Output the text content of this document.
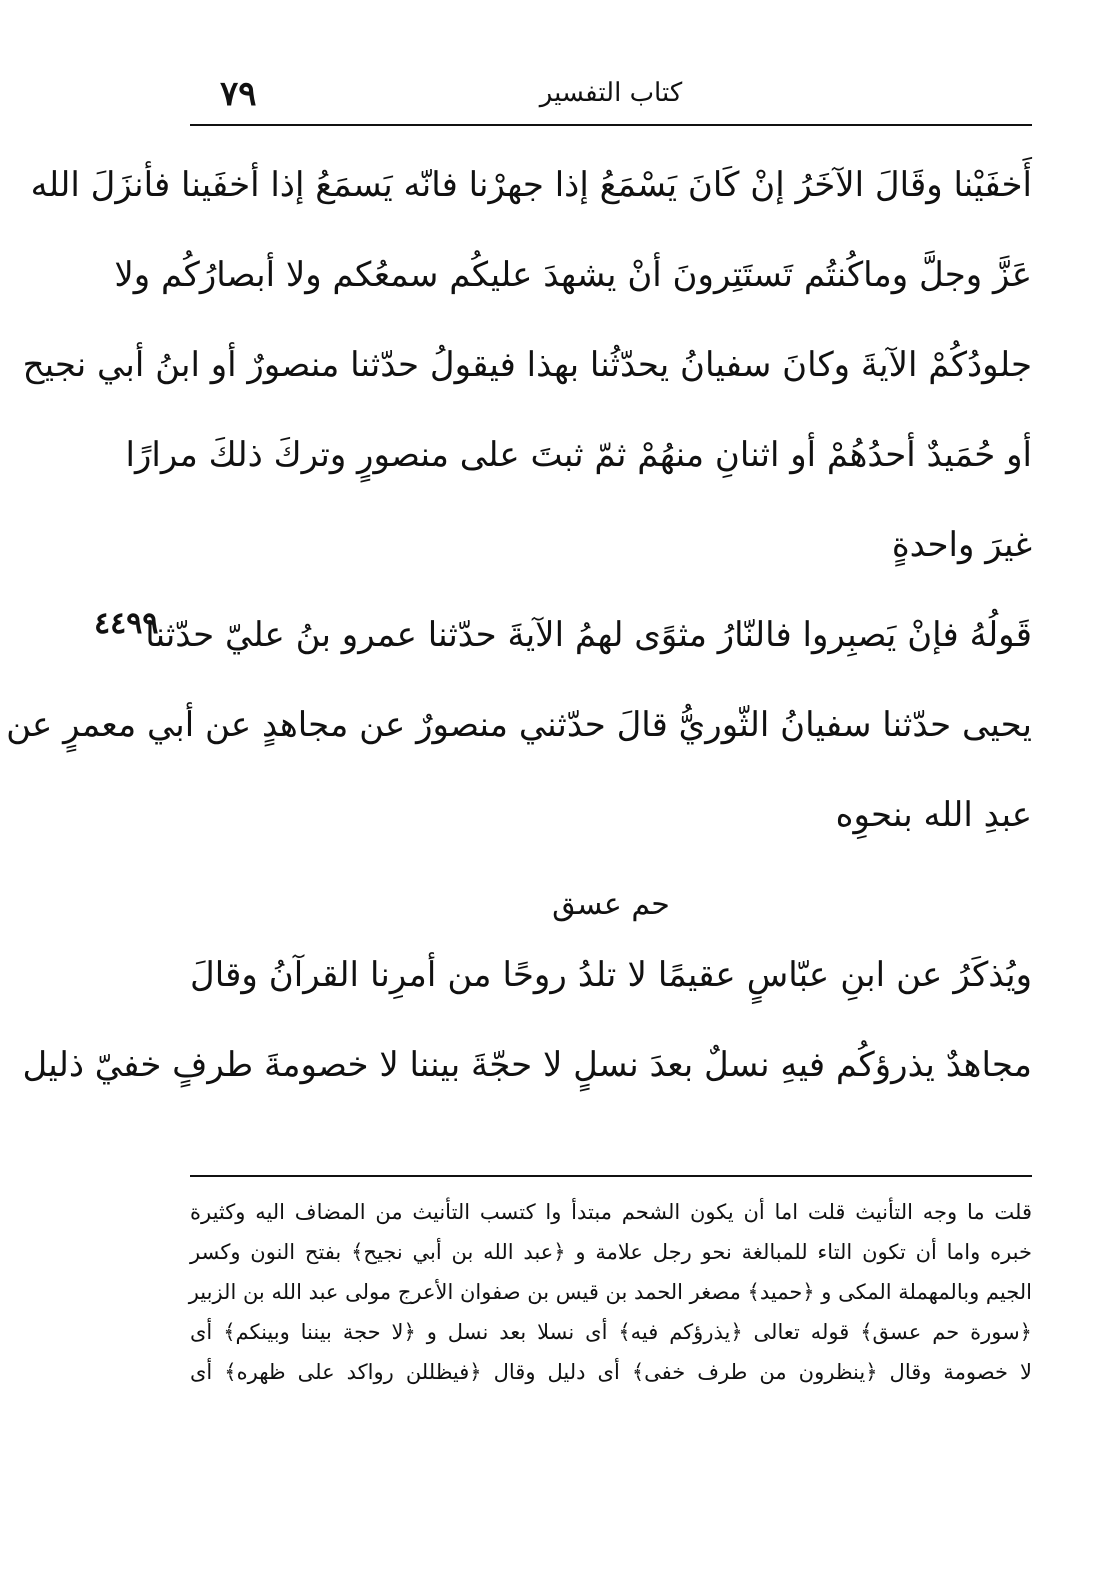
٧٩	كتاب التفسير
أَخفَيْنا وقَالَ الآخَرُ إنْ كَانَ يَسْمَعُ إذا جهرْنا فانّه يَسمَعُ إذا أخفَينا فأنزَلَ الله
عَزَّ وجلَّ وماكُنتُم تَستَتِرونَ أنْ يشهدَ عليكُم سمعُكم ولا أبصارُكُم ولا
جلودُكُمْ الآيةَ وكانَ سفيانُ يحدّثُنا بهذا فيقولُ حدّثنا منصورٌ أو ابنُ أبي نجيح
أو حُمَيدٌ أحدُهُمْ أو اثنانِ منهُمْ ثمّ ثبتَ على منصورٍ وتركَ ذلكَ مرارًا
غيرَ واحدةٍ
قَولُهُ فإنْ يَصبِروا فالنّارُ مثوًى لهمُ الآيةَ حدّثنا عمرو بنُ عليّ حدّثنا
يحيى حدّثنا سفيانُ الثّوريُّ قالَ حدّثني منصورٌ عن مجاهدٍ عن أبي معمرٍ عن
عبدِ الله بنحوِه
حم عسق
ويُذكَرُ عن ابنِ عبّاسٍ عقيمًا لا تلدُ روحًا من أمرِنا القرآنُ وقالَ
مجاهدٌ يذرؤكُم فيهِ نسلٌ بعدَ نسلٍ لا حجّةَ بيننا لا خصومةَ طرفٍ خفيّ ذليل
٤٤٩٩
قلت ما وجه التأنيث قلت اما أن يكون الشحم مبتدأ وا كتسب التأنيث من المضاف اليه وكثيرة
خبره واما أن تكون التاء للمبالغة نحو رجل علامة و ﴿عبد الله بن أبي نجيح﴾ بفتح النون وكسر
الجيم وبالمهملة المكى و ﴿حميد﴾ مصغر الحمد بن قيس بن صفوان الأعرج مولى عبد الله بن الزبير
﴿سورة حم عسق﴾ قوله تعالى ﴿يذرؤكم فيه﴾ أى نسلا بعد نسل و ﴿لا حجة بيننا وبينكم﴾ أى
لا خصومة وقال ﴿ينظرون من طرف خفى﴾ أى دليل وقال ﴿فيظللن رواكد على ظهره﴾ أى
